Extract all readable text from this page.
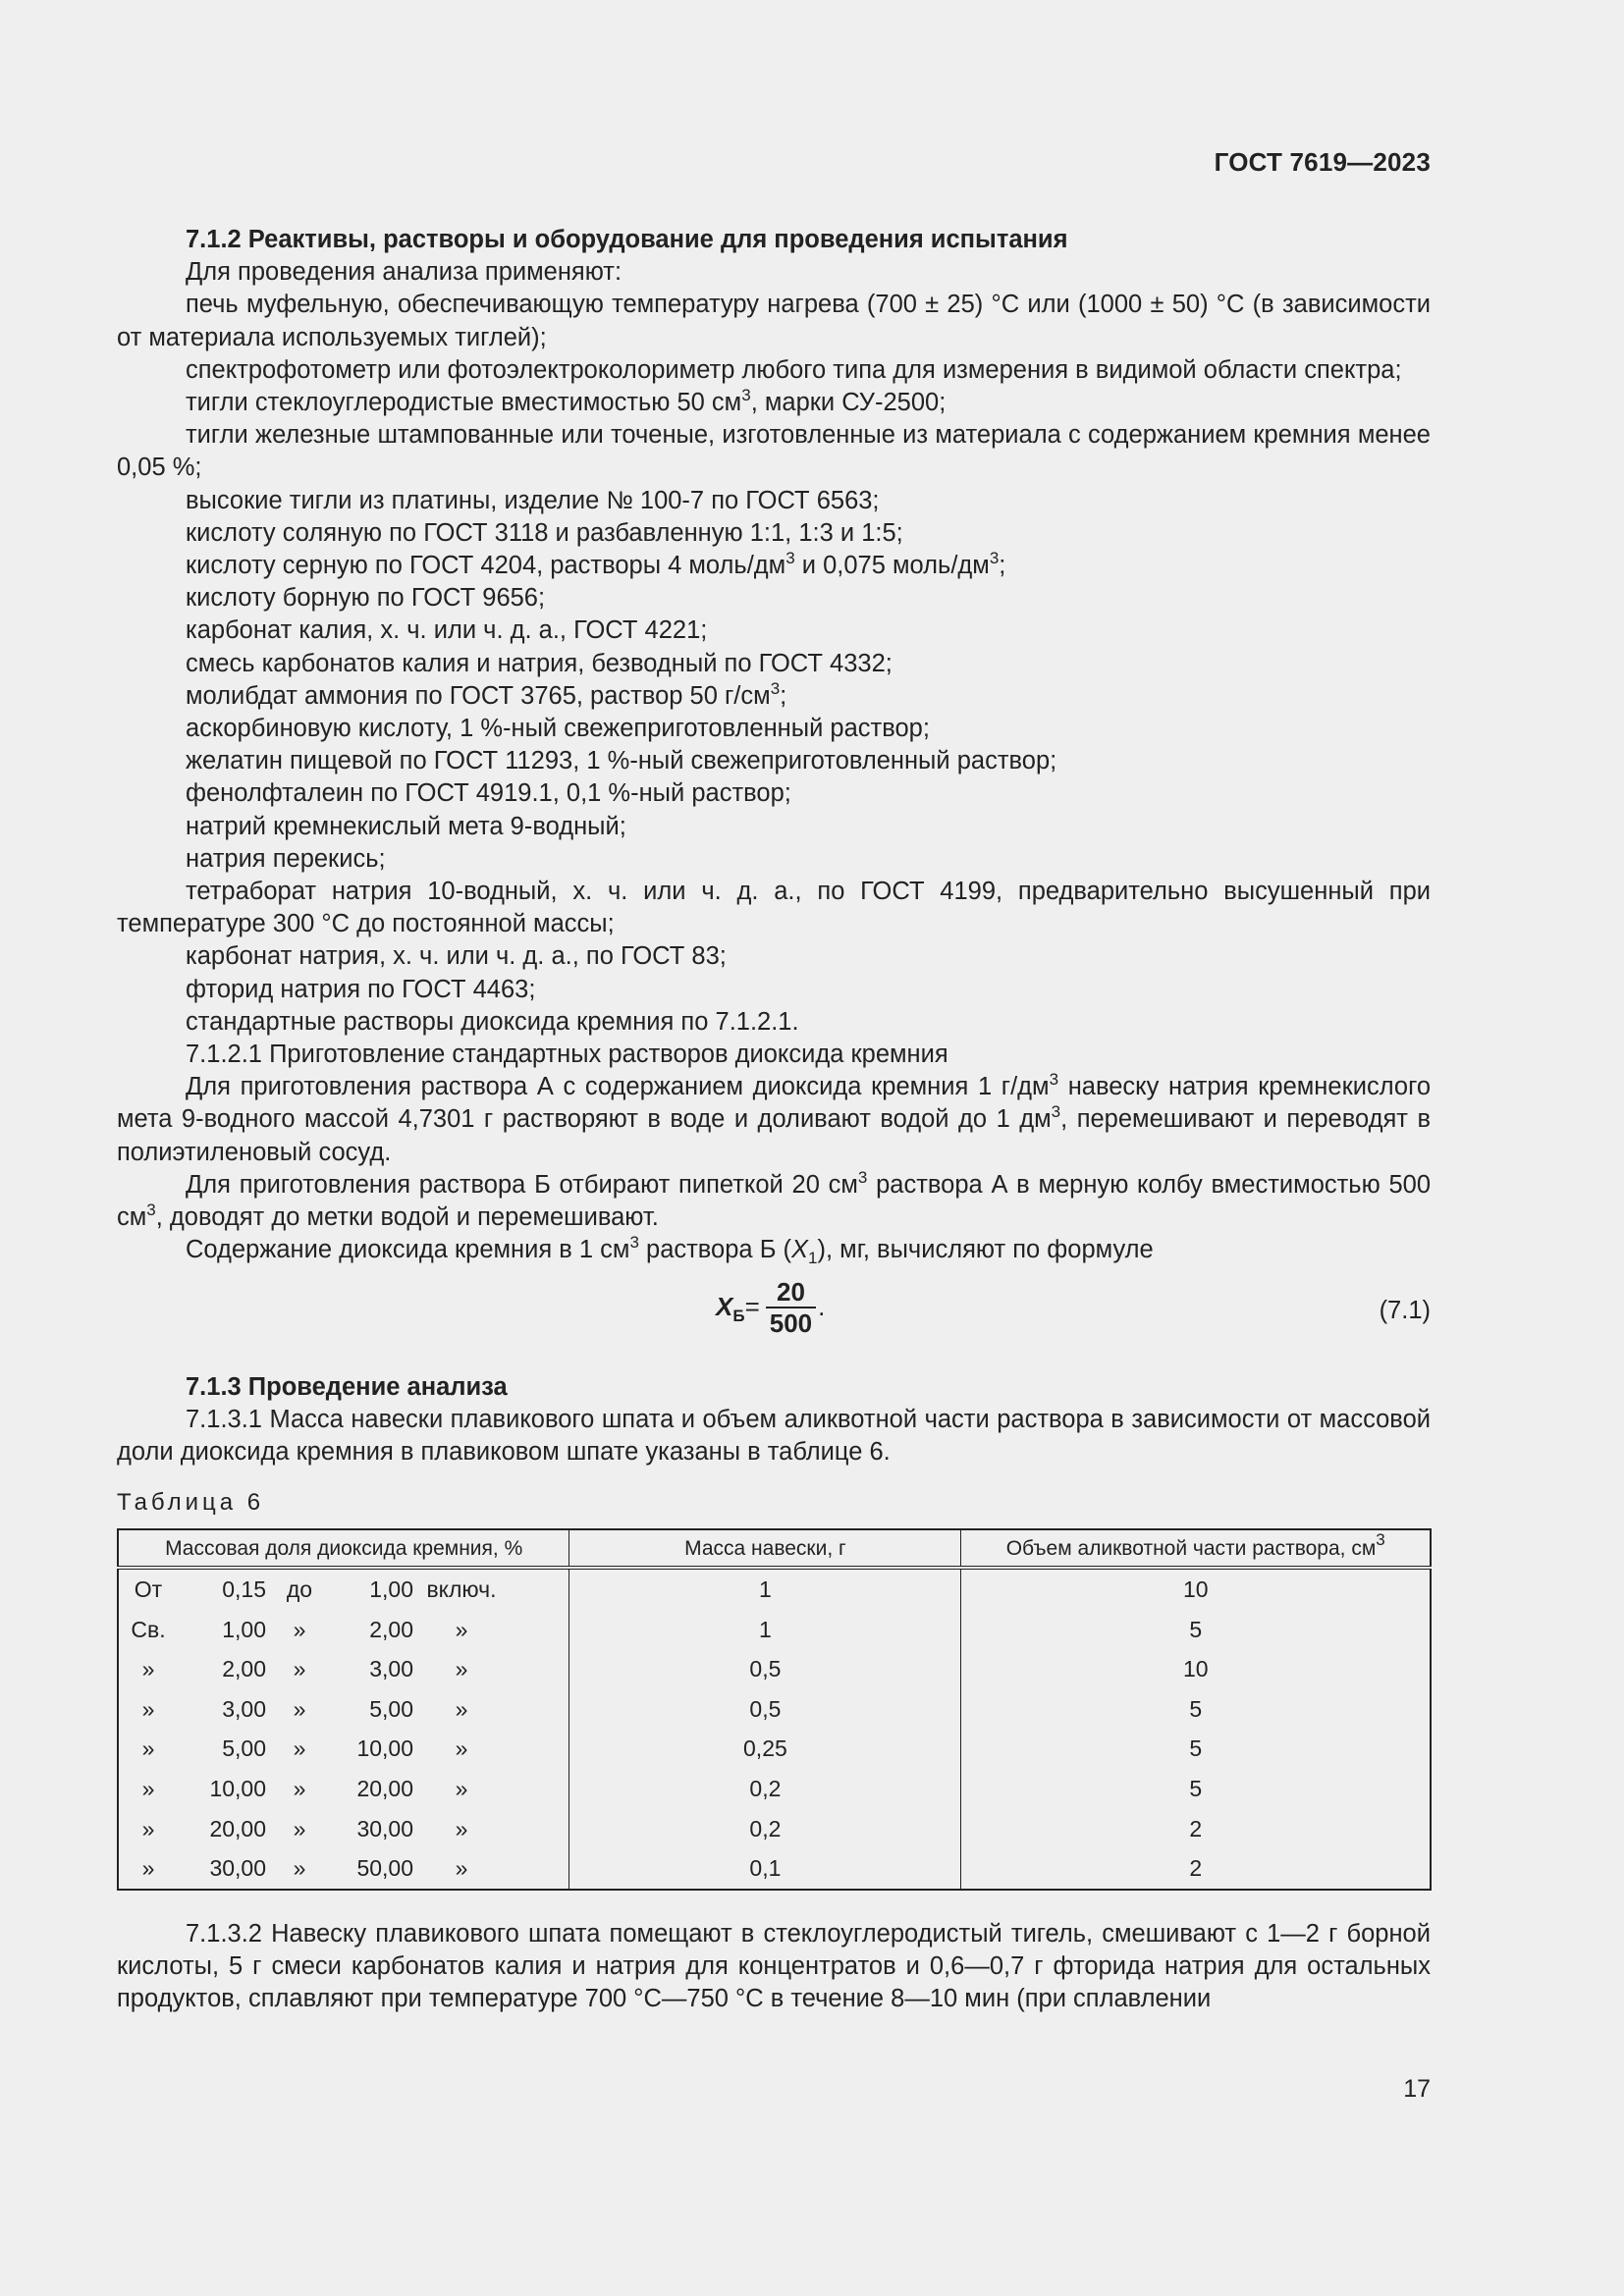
ГОСТ 7619—2023

7.1.2 Реактивы, растворы и оборудование для проведения испытания

Для проведения анализа применяют:

печь муфельную, обеспечивающую температуру нагрева (700 ± 25) °С или (1000 ± 50) °С (в зависимости от материала используемых тиглей);

спектрофотометр или фотоэлектроколориметр любого типа для измерения в видимой области спектра;

тигли стеклоуглеродистые вместимостью 50 $см^3$, марки СУ-2500;

тигли железные штампованные или точеные, изготовленные из материала с содержанием кремния менее 0,05 %;

высокие тигли из платины, изделие № 100-7 по ГОСТ 6563;

кислоту соляную по ГОСТ 3118 и разбавленную 1:1, 1:3 и 1:5;

кислоту серную по ГОСТ 4204, растворы 4 моль/$дм^3$ и 0,075 моль/$дм^3$;

кислоту борную по ГОСТ 9656;

карбонат калия, х. ч. или ч. д. а., ГОСТ 4221;

смесь карбонатов калия и натрия, безводный по ГОСТ 4332;

молибдат аммония по ГОСТ 3765, раствор 50 $г/см^3$;

аскорбиновую кислоту, 1 %-ный свежеприготовленный раствор;

желатин пищевой по ГОСТ 11293, 1 %-ный свежеприготовленный раствор;

фенолфталеин по ГОСТ 4919.1, 0,1 %-ный раствор;

натрий кремнекислый мета 9-водный;

натрия перекись;

тетраборат натрия 10-водный, х. ч. или ч. д. а., по ГОСТ 4199, предварительно высушенный при температуре 300 °С до постоянной массы;

карбонат натрия, х. ч. или ч. д. а., по ГОСТ 83;

фторид натрия по ГОСТ 4463;

стандартные растворы диоксида кремния по 7.1.2.1.

7.1.2.1 Приготовление стандартных растворов диоксида кремния

Для приготовления раствора А с содержанием диоксида кремния 1 $г/дм^3$ навеску натрия кремнекислого мета 9-водного массой 4,7301 г растворяют в воде и доливают водой до 1 $дм^3$, перемешивают и переводят в полиэтиленовый сосуд.

Для приготовления раствора Б отбирают пипеткой 20 $см^3$ раствора А в мерную колбу вместимостью 500 $см^3$, доводят до метки водой и перемешивают.

Содержание диоксида кремния в 1 $см^3$ раствора Б $(X_1)$, мг, вычисляют по формуле

$X_Б = \frac{20}{500}$ .	(7.1)

7.1.3 Проведение анализа

7.1.3.1 Масса навески плавикового шпата и объем аликвотной части раствора в зависимости от массовой доли диоксида кремния в плавиковом шпате указаны в таблице 6.

Таблица 6
Массовая доля диоксида кремния, %	Масса навески, г	Объем аликвотной части раствора, $см^3$

От 0,15 до 1,00 включ.	1	10

Св. 1,00 » 2,00 »	1	5

» 2,00 » 3,00 »	0,5	10

» 3,00 » 5,00 »	0,5	5

» 5,00 » 10,00 »	0,25	5

» 10,00 » 20,00 »	0,2	5

» 20,00 » 30,00 »	0,2	2

» 30,00 » 50,00 »	0,1	2

7.1.3.2 Навеску плавикового шпата помещают в стеклоуглеродистый тигель, смешивают с 1—2 г борной кислоты, 5 г смеси карбонатов калия и натрия для концентратов и 0,6—0,7 г фторида натрия для остальных продуктов, сплавляют при температуре 700 °С—750 °С в течение 8—10 мин (при сплавлении

17
